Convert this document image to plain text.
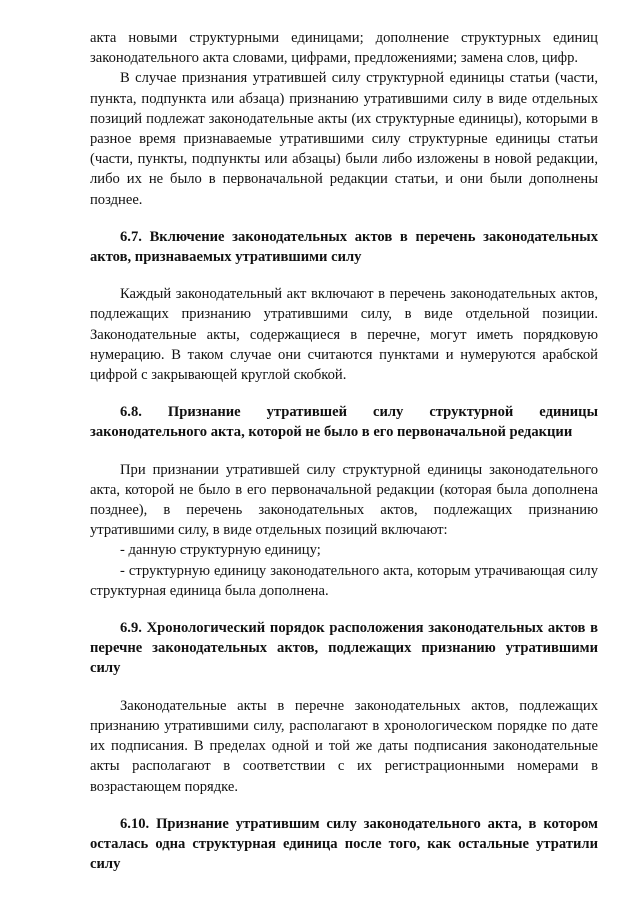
акта новыми структурными единицами; дополнение структурных единиц законодательного акта словами, цифрами, предложениями; замена слов, цифр.

В случае признания утратившей силу структурной единицы статьи (части, пункта, подпункта или абзаца) признанию утратившими силу в виде отдельных позиций подлежат законодательные акты (их структурные единицы), которыми в разное время признаваемые утратившими силу структурные единицы статьи (части, пункты, подпункты или абзацы) были либо изложены в новой редакции, либо их не было в первоначальной редакции статьи, и они были дополнены позднее.

6.7. Включение законодательных актов в перечень законодательных актов, признаваемых утратившими силу

Каждый законодательный акт включают в перечень законодательных актов, подлежащих признанию утратившими силу, в виде отдельной позиции. Законодательные акты, содержащиеся в перечне, могут иметь порядковую нумерацию. В таком случае они считаются пунктами и нумеруются арабской цифрой с закрывающей круглой скобкой.

6.8. Признание утратившей силу структурной единицы законодательного акта, которой не было в его первоначальной редакции

При признании утратившей силу структурной единицы законодательного акта, которой не было в его первоначальной редакции (которая была дополнена позднее), в перечень законодательных актов, подлежащих признанию утратившими силу, в виде отдельных позиций включают:

- данную структурную единицу;

- структурную единицу законодательного акта, которым утрачивающая силу структурная единица была дополнена.

6.9. Хронологический порядок расположения законодательных актов в перечне законодательных актов, подлежащих признанию утратившими силу

Законодательные акты в перечне законодательных актов, подлежащих признанию утратившими силу, располагают в хронологическом порядке по дате их подписания. В пределах одной и той же даты подписания законодательные акты располагают в соответствии с их регистрационными номерами в возрастающем порядке.

6.10. Признание утратившим силу законодательного акта, в котором осталась одна структурная единица после того, как остальные утратили силу
